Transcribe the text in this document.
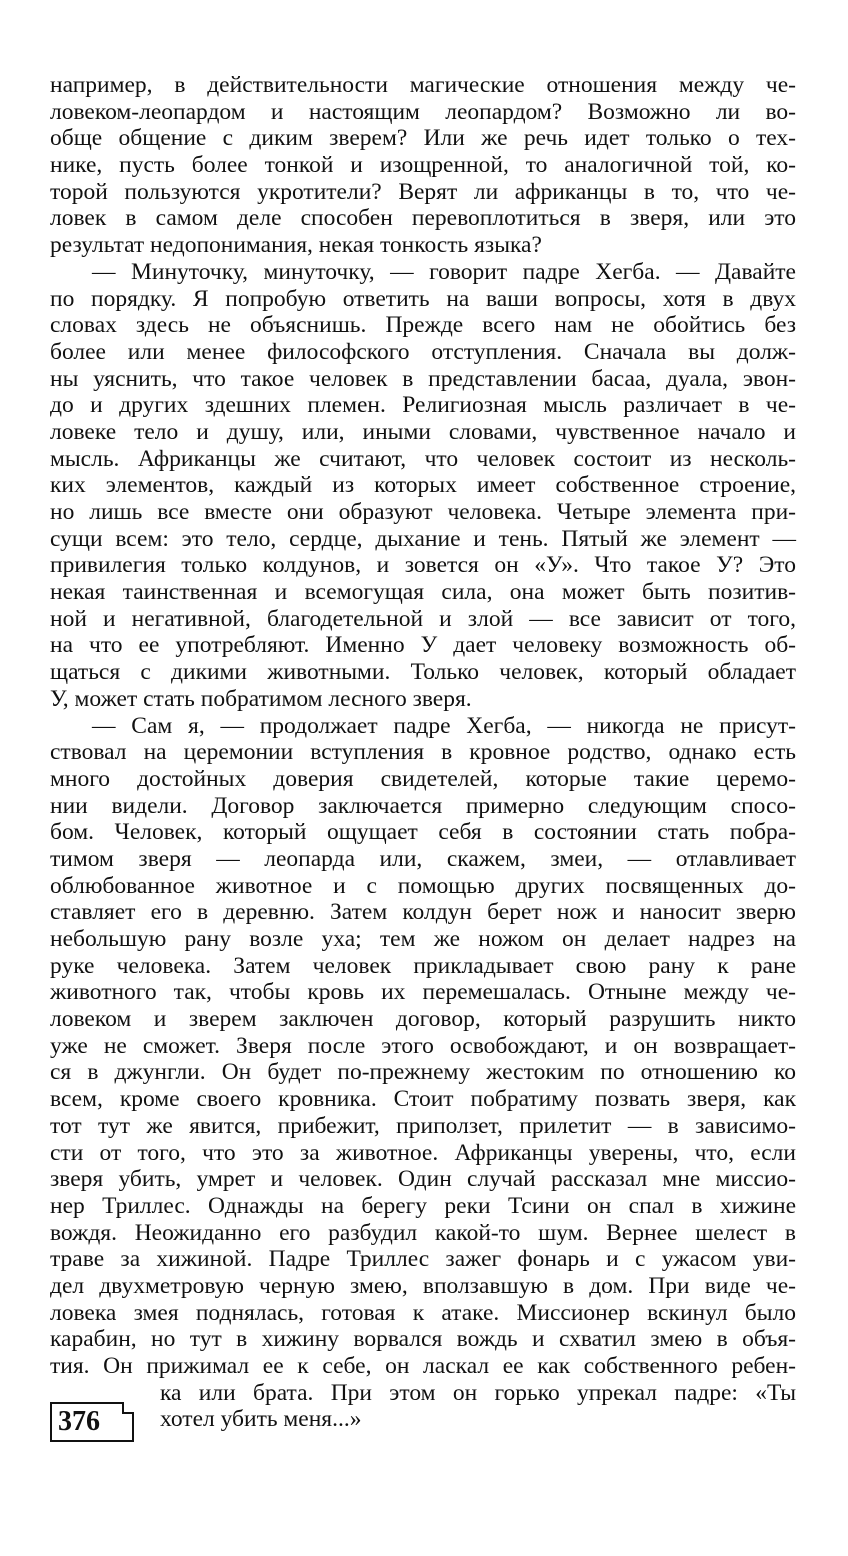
например, в действительности магические отношения между че-
ловеком-леопардом и настоящим леопардом? Возможно ли во-
обще общение с диким зверем? Или же речь идет только о тех-
нике, пусть более тонкой и изощренной, то аналогичной той, ко-
торой пользуются укротители? Верят ли африканцы в то, что че-
ловек в самом деле способен перевоплотиться в зверя, или это
результат недопонимания, некая тонкость языка?
— Минуточку, минуточку, — говорит падре Хегба. — Давайте
по порядку. Я попробую ответить на ваши вопросы, хотя в двух
словах здесь не объяснишь. Прежде всего нам не обойтись без
более или менее философского отступления. Сначала вы долж-
ны уяснить, что такое человек в представлении басаа, дуала, эвон-
до и других здешних племен. Религиозная мысль различает в че-
ловеке тело и душу, или, иными словами, чувственное начало и
мысль. Африканцы же считают, что человек состоит из несколь-
ких элементов, каждый из которых имеет собственное строение,
но лишь все вместе они образуют человека. Четыре элемента при-
сущи всем: это тело, сердце, дыхание и тень. Пятый же элемент —
привилегия только колдунов, и зовется он «У». Что такое У? Это
некая таинственная и всемогущая сила, она может быть позитив-
ной и негативной, благодетельной и злой — все зависит от того,
на что ее употребляют. Именно У дает человеку возможность об-
щаться с дикими животными. Только человек, который обладает
У, может стать побратимом лесного зверя.
— Сам я, — продолжает падре Хегба, — никогда не присут-
ствовал на церемонии вступления в кровное родство, однако есть
много достойных доверия свидетелей, которые такие церемо-
нии видели. Договор заключается примерно следующим спосо-
бом. Человек, который ощущает себя в состоянии стать побра-
тимом зверя — леопарда или, скажем, змеи, — отлавливает
облюбованное животное и с помощью других посвященных до-
ставляет его в деревню. Затем колдун берет нож и наносит зверю
небольшую рану возле уха; тем же ножом он делает надрез на
руке человека. Затем человек прикладывает свою рану к ране
животного так, чтобы кровь их перемешалась. Отныне между че-
ловеком и зверем заключен договор, который разрушить никто
уже не сможет. Зверя после этого освобождают, и он возвращает-
ся в джунгли. Он будет по-прежнему жестоким по отношению ко
всем, кроме своего кровника. Стоит побратиму позвать зверя, как
тот тут же явится, прибежит, приползет, прилетит — в зависимо-
сти от того, что это за животное. Африканцы уверены, что, если
зверя убить, умрет и человек. Один случай рассказал мне миссио-
нер Триллес. Однажды на берегу реки Тсини он спал в хижине
вождя. Неожиданно его разбудил какой-то шум. Вернее шелест в
траве за хижиной. Падре Триллес зажег фонарь и с ужасом уви-
дел двухметровую черную змею, вползавшую в дом. При виде че-
ловека змея поднялась, готовая к атаке. Миссионер вскинул было
карабин, но тут в хижину ворвался вождь и схватил змею в объя-
тия. Он прижимал ее к себе, он ласкал ее как собственного ребен-
ка или брата. При этом он горько упрекал падре: «Ты
хотел убить меня...»
376
